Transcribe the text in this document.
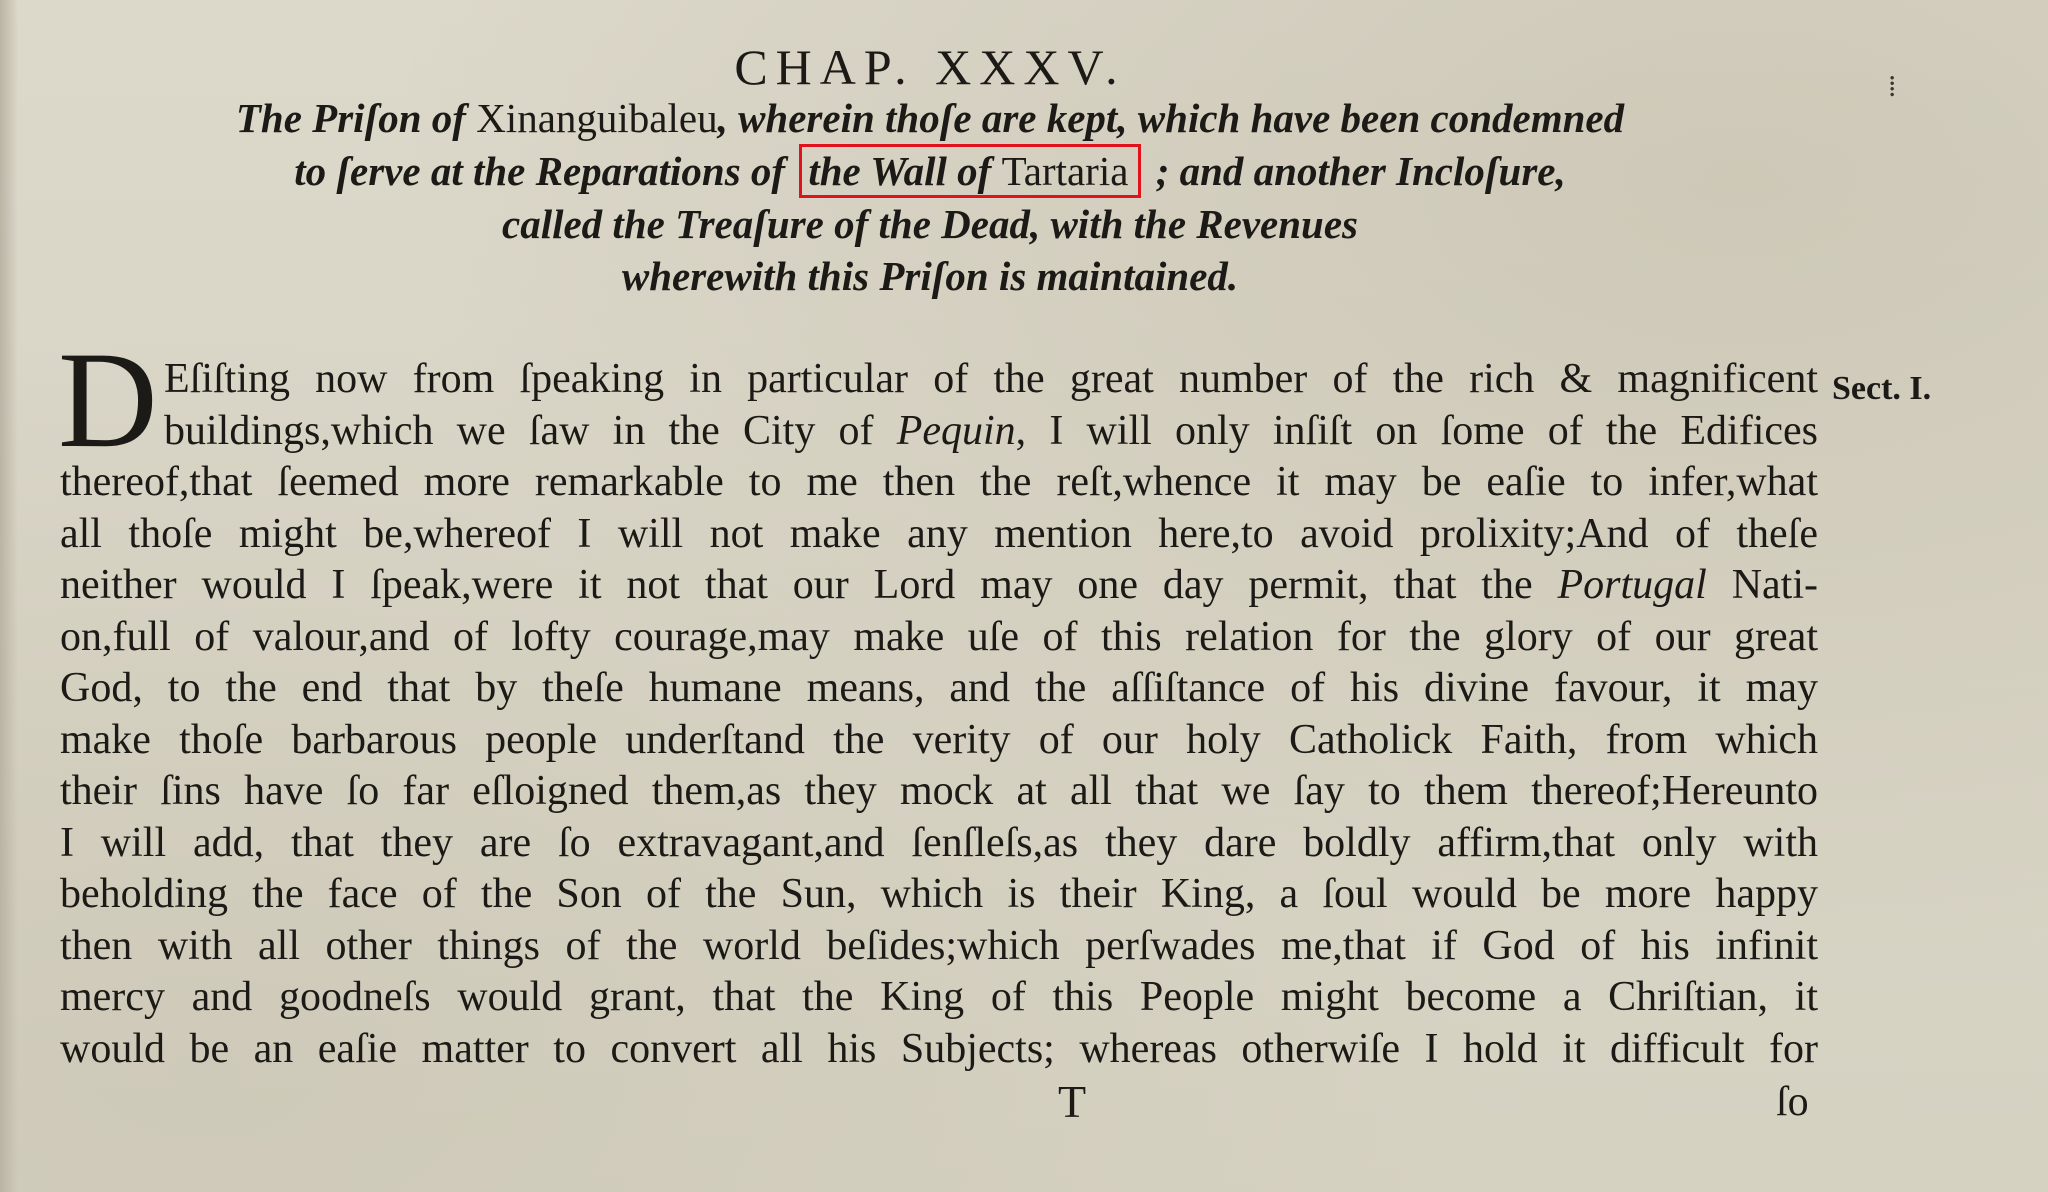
⁞
CHAP. XXXV.
The Priſon of Xinanguibaleu, wherein thoſe are kept, which have been condemned
to ſerve at the Reparations of the Wall of Tartaria ; and another Incloſure,
called the Treaſure of the Dead, with the Revenues
wherewith this Priſon is maintained.
D	Sect. I.
Eſiſting now from ſpeaking in particular of the great number of the rich & magnificent
buildings,which we ſaw in the City of Pequin, I will only inſiſt on ſome of the Edifices
thereof,that ſeemed more remarkable to me then the reſt,whence it may be eaſie to infer,what
all thoſe might be,whereof I will not make any mention here,to avoid prolixity;And of theſe
neither would I ſpeak,were it not that our Lord may one day permit, that the Portugal Nati-
on,full of valour,and of lofty courage,may make uſe of this relation for the glory of our great
God, to the end that by theſe humane means, and the aſſiſtance of his divine favour, it may
make thoſe barbarous people underſtand the verity of our holy Catholick Faith, from which
their ſins have ſo far eſloigned them,as they mock at all that we ſay to them thereof;Hereunto
I will add, that they are ſo extravagant,and ſenſleſs,as they dare boldly affirm,that only with
beholding the face of the Son of the Sun, which is their King, a ſoul would be more happy
then with all other things of the world beſides;which perſwades me,that if God of his infinit
mercy and goodneſs would grant, that the King of this People might become a Chriſtian, it
would be an eaſie matter to convert all his Subjects; whereas otherwiſe I hold it difficult for
T	ſo
